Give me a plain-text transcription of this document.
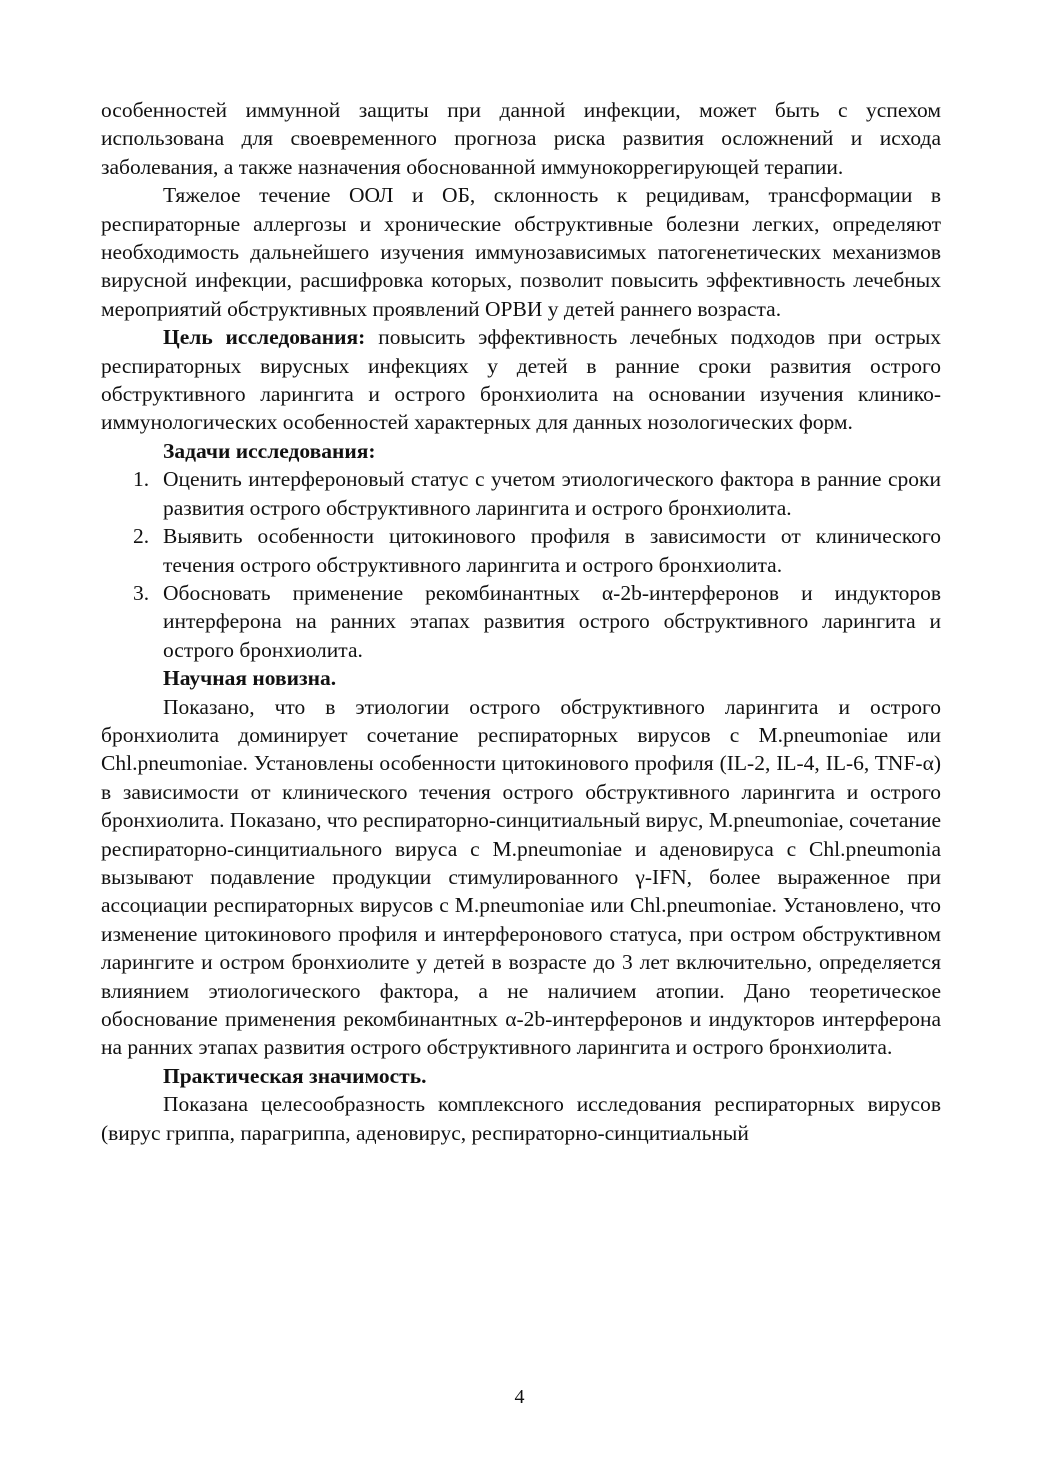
особенностей иммунной защиты при данной инфекции, может быть с успехом использована для своевременного прогноза риска развития осложнений и исхода заболевания, а также назначения обоснованной иммунокоррегирующей терапии.

Тяжелое течение ООЛ и ОБ, склонность к рецидивам, трансформации в респираторные аллергозы и хронические обструктивные болезни легких, определяют необходимость дальнейшего изучения иммунозависимых патогенетических механизмов вирусной инфекции, расшифровка которых, позволит повысить эффективность лечебных мероприятий обструктивных проявлений ОРВИ у детей раннего возраста.

Цель исследования: повысить эффективность лечебных подходов при острых респираторных вирусных инфекциях у детей в ранние сроки развития острого обструктивного ларингита и острого бронхиолита на основании изучения клинико-иммунологических особенностей характерных для данных нозологических форм.

Задачи исследования:

1. Оценить интерфероновый статус с учетом этиологического фактора в ранние сроки развития острого обструктивного ларингита и острого бронхиолита.
2. Выявить особенности цитокинового профиля в зависимости от клинического течения острого обструктивного ларингита и острого бронхиолита.
3. Обосновать применение рекомбинантных α-2b-интерферонов и индукторов интерферона на ранних этапах развития острого обструктивного ларингита и острого бронхиолита.

Научная новизна.

Показано, что в этиологии острого обструктивного ларингита и острого бронхиолита доминирует сочетание респираторных вирусов с M.pneumoniae или Chl.pneumoniae. Установлены особенности цитокинового профиля (IL-2, IL-4, IL-6, TNF-α) в зависимости от клинического течения острого обструктивного ларингита и острого бронхиолита. Показано, что респираторно-синцитиальный вирус, M.pneumoniae, сочетание респираторно-синцитиального вируса с M.pneumoniae и аденовируса с Chl.pneumonia вызывают подавление продукции стимулированного γ-IFN, более выраженное при ассоциации респираторных вирусов с M.pneumoniae или Chl.pneumoniae. Установлено, что изменение цитокинового профиля и интерферонового статуса, при остром обструктивном ларингите и остром бронхиолите у детей в возрасте до 3 лет включительно, определяется влиянием этиологического фактора, а не наличием атопии. Дано теоретическое обоснование применения рекомбинантных α-2b-интерферонов и индукторов интерферона на ранних этапах развития острого обструктивного ларингита и острого бронхиолита.

Практическая значимость.

Показана целесообразность комплексного исследования респираторных вирусов (вирус гриппа, парагриппа, аденовирус, респираторно-синцитиальный

4
